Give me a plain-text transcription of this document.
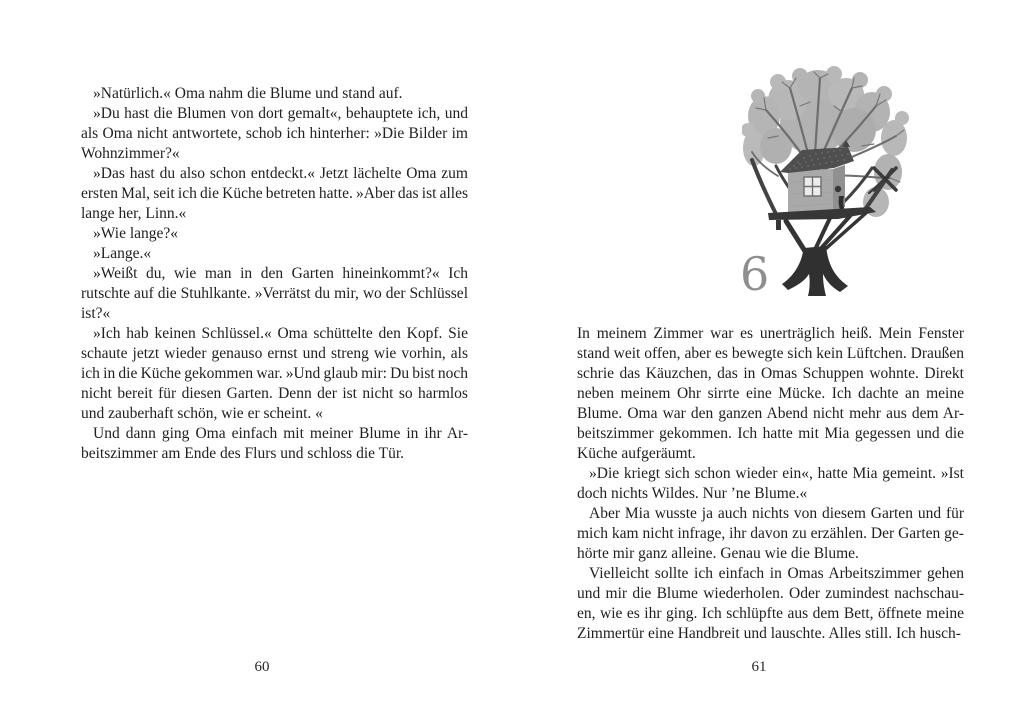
»Natürlich.« Oma nahm die Blume und stand auf.
»Du hast die Blumen von dort gemalt«, behauptete ich, und
als Oma nicht antwortete, schob ich hinterher: »Die Bilder im
Wohnzimmer?«
»Das hast du also schon entdeckt.« Jetzt lächelte Oma zum
ersten Mal, seit ich die Küche betreten hatte. »Aber das ist alles
lange her, Linn.«
»Wie lange?«
»Lange.«
»Weißt du, wie man in den Garten hineinkommt?« Ich
rutschte auf die Stuhlkante. »Verrätst du mir, wo der Schlüssel
ist?«
»Ich hab keinen Schlüssel.« Oma schüttelte den Kopf. Sie
schaute jetzt wieder genauso ernst und streng wie vorhin, als
ich in die Küche gekommen war. »Und glaub mir: Du bist noch
nicht bereit für diesen Garten. Denn der ist nicht so harmlos
und zauberhaft schön, wie er scheint. «
Und dann ging Oma einfach mit meiner Blume in ihr Ar-
beitszimmer am Ende des Flurs und schloss die Tür.
60
6
In meinem Zimmer war es unerträglich heiß. Mein Fenster
stand weit offen, aber es bewegte sich kein Lüftchen. Draußen
schrie das Käuzchen, das in Omas Schuppen wohnte. Direkt
neben meinem Ohr sirrte eine Mücke. Ich dachte an meine
Blume. Oma war den ganzen Abend nicht mehr aus dem Ar-
beitszimmer gekommen. Ich hatte mit Mia gegessen und die
Küche aufgeräumt.
»Die kriegt sich schon wieder ein«, hatte Mia gemeint. »Ist
doch nichts Wildes. Nur ’ne Blume.«
Aber Mia wusste ja auch nichts von diesem Garten und für
mich kam nicht infrage, ihr davon zu erzählen. Der Garten ge-
hörte mir ganz alleine. Genau wie die Blume.
Vielleicht sollte ich einfach in Omas Arbeitszimmer gehen
und mir die Blume wiederholen. Oder zumindest nachschau-
en, wie es ihr ging. Ich schlüpfte aus dem Bett, öffnete meine
Zimmertür eine Handbreit und lauschte. Alles still. Ich husch-
61
